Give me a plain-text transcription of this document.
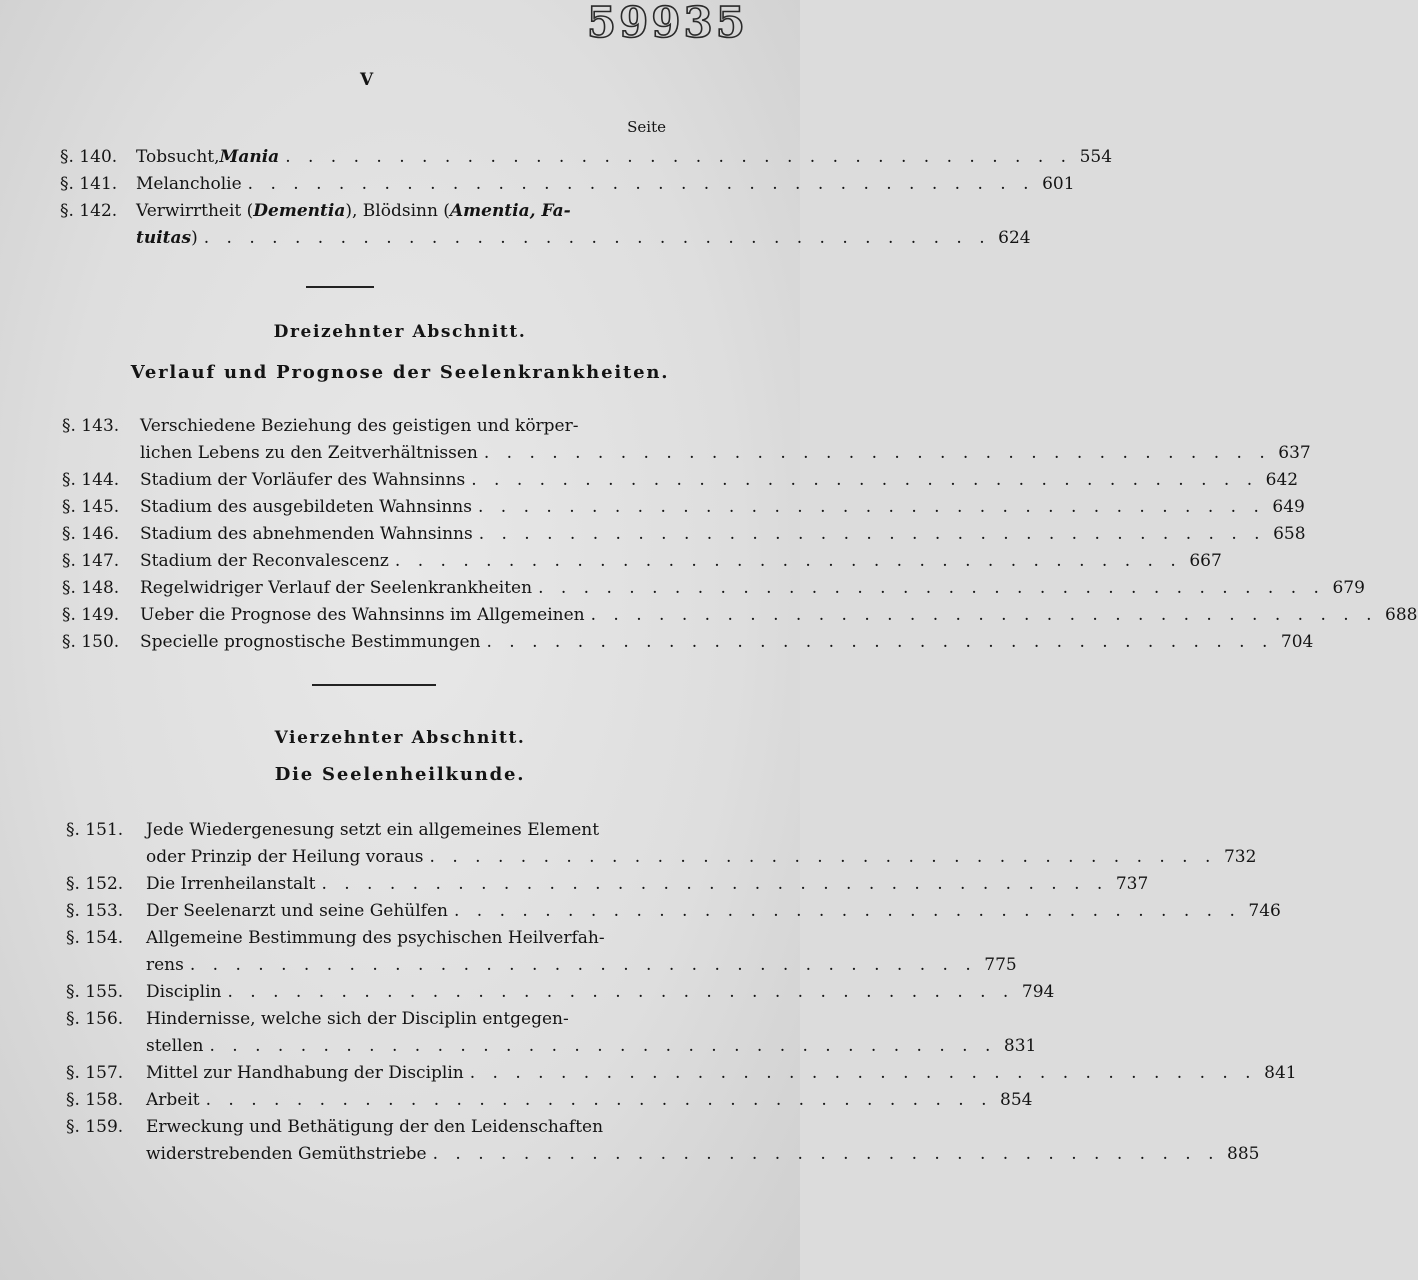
59935
V
Seite
§. 140. Tobsucht, Mania . . . . . . . . . . . . . . . . . . . . . . . . . . . . . . . . . . . 554
§. 141. Melancholie . . . . . . . . . . . . . . . . . . . . . . . . . . . . . . . . . . . 601
§. 142. Verwirrtheit ( Dementia ), Blödsinn ( Amentia, Fa-
tuitas ) . . . . . . . . . . . . . . . . . . . . . . . . . . . . . . . . . . . 624
Dreizehnter Abschnitt.
Verlauf und Prognose der Seelenkrankheiten.
§. 143. Verschiedene Beziehung des geistigen und körper-
lichen Lebens zu den Zeitverhältnissen . . . . . . . . . . . . . . . . . . . . . . . . . . . . . . . . . . . 637
§. 144. Stadium der Vorläufer des Wahnsinns . . . . . . . . . . . . . . . . . . . . . . . . . . . . . . . . . . . 642
§. 145. Stadium des ausgebildeten Wahnsinns . . . . . . . . . . . . . . . . . . . . . . . . . . . . . . . . . . . 649
§. 146. Stadium des abnehmenden Wahnsinns . . . . . . . . . . . . . . . . . . . . . . . . . . . . . . . . . . . 658
§. 147. Stadium der Reconvalescenz . . . . . . . . . . . . . . . . . . . . . . . . . . . . . . . . . . . 667
§. 148. Regelwidriger Verlauf der Seelenkrankheiten . . . . . . . . . . . . . . . . . . . . . . . . . . . . . . . . . . . 679
§. 149. Ueber die Prognose des Wahnsinns im Allgemeinen . . . . . . . . . . . . . . . . . . . . . . . . . . . . . . . . . . . 688
§. 150. Specielle prognostische Bestimmungen . . . . . . . . . . . . . . . . . . . . . . . . . . . . . . . . . . . 704
Vierzehnter Abschnitt.
Die Seelenheilkunde.
§. 151. Jede Wiedergenesung setzt ein allgemeines Element
oder Prinzip der Heilung voraus . . . . . . . . . . . . . . . . . . . . . . . . . . . . . . . . . . . 732
§. 152. Die Irrenheilanstalt . . . . . . . . . . . . . . . . . . . . . . . . . . . . . . . . . . . 737
§. 153. Der Seelenarzt und seine Gehülfen . . . . . . . . . . . . . . . . . . . . . . . . . . . . . . . . . . . 746
§. 154. Allgemeine Bestimmung des psychischen Heilverfah-
rens . . . . . . . . . . . . . . . . . . . . . . . . . . . . . . . . . . . 775
§. 155. Disciplin . . . . . . . . . . . . . . . . . . . . . . . . . . . . . . . . . . . 794
§. 156. Hindernisse, welche sich der Disciplin entgegen-
stellen . . . . . . . . . . . . . . . . . . . . . . . . . . . . . . . . . . . 831
§. 157. Mittel zur Handhabung der Disciplin . . . . . . . . . . . . . . . . . . . . . . . . . . . . . . . . . . . 841
§. 158. Arbeit . . . . . . . . . . . . . . . . . . . . . . . . . . . . . . . . . . . 854
§. 159. Erweckung und Bethätigung der den Leidenschaften
widerstrebenden Gemüthstriebe . . . . . . . . . . . . . . . . . . . . . . . . . . . . . . . . . . . 885
